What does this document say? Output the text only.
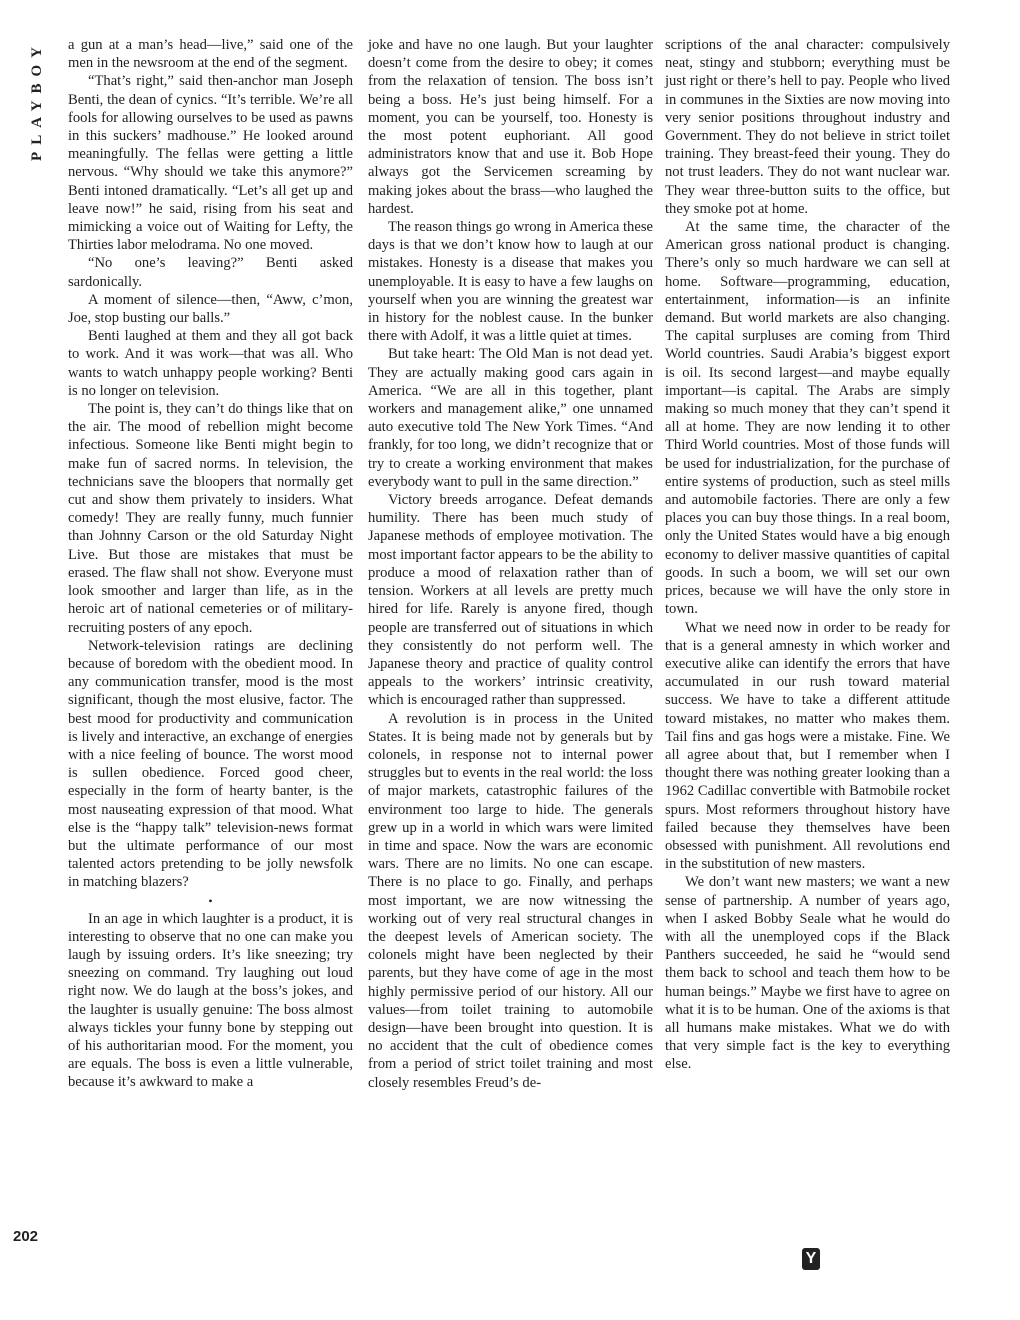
PLAYBOY
202

a gun at a man’s head—live,” said one of the men in the newsroom at the end of the segment.

“That’s right,” said then-anchor man Joseph Benti, the dean of cynics. “It’s terrible. We’re all fools for allowing ourselves to be used as pawns in this suckers’ madhouse.” He looked around meaningfully. The fellas were getting a little nervous. “Why should we take this anymore?” Benti intoned dramatically. “Let’s all get up and leave now!” he said, rising from his seat and mimicking a voice out of Waiting for Lefty, the Thirties labor melodrama. No one moved.

“No one’s leaving?” Benti asked sardonically.

A moment of silence—then, “Aww, c’mon, Joe, stop busting our balls.”

Benti laughed at them and they all got back to work. And it was work—that was all. Who wants to watch unhappy people working? Benti is no longer on television.

The point is, they can’t do things like that on the air. The mood of rebellion might become infectious. Someone like Benti might begin to make fun of sacred norms. In television, the technicians save the bloopers that normally get cut and show them privately to insiders. What comedy! They are really funny, much funnier than Johnny Carson or the old Saturday Night Live. But those are mistakes that must be erased. The flaw shall not show. Everyone must look smoother and larger than life, as in the heroic art of national cemeteries or of military-recruiting posters of any epoch.

Network-television ratings are declining because of boredom with the obedient mood. In any communication transfer, mood is the most significant, though the most elusive, factor. The best mood for productivity and communication is lively and interactive, an exchange of energies with a nice feeling of bounce. The worst mood is sullen obedience. Forced good cheer, especially in the form of hearty banter, is the most nauseating expression of that mood. What else is the “happy talk” television-news format but the ultimate performance of our most talented actors pretending to be jolly newsfolk in matching blazers?

•

In an age in which laughter is a product, it is interesting to observe that no one can make you laugh by issuing orders. It’s like sneezing; try sneezing on command. Try laughing out loud right now. We do laugh at the boss’s jokes, and the laughter is usually genuine: The boss almost always tickles your funny bone by stepping out of his authoritarian mood. For the moment, you are equals. The boss is even a little vulnerable, because it’s awkward to make a

joke and have no one laugh. But your laughter doesn’t come from the desire to obey; it comes from the relaxation of tension. The boss isn’t being a boss. He’s just being himself. For a moment, you can be yourself, too. Honesty is the most potent euphoriant. All good administrators know that and use it. Bob Hope always got the Servicemen screaming by making jokes about the brass—who laughed the hardest.

The reason things go wrong in America these days is that we don’t know how to laugh at our mistakes. Honesty is a disease that makes you unemployable. It is easy to have a few laughs on yourself when you are winning the greatest war in history for the noblest cause. In the bunker there with Adolf, it was a little quiet at times.

But take heart: The Old Man is not dead yet. They are actually making good cars again in America. “We are all in this together, plant workers and management alike,” one unnamed auto executive told The New York Times. “And frankly, for too long, we didn’t recognize that or try to create a working environment that makes everybody want to pull in the same direction.”

Victory breeds arrogance. Defeat demands humility. There has been much study of Japanese methods of employee motivation. The most important factor appears to be the ability to produce a mood of relaxation rather than of tension. Workers at all levels are pretty much hired for life. Rarely is anyone fired, though people are transferred out of situations in which they consistently do not perform well. The Japanese theory and practice of quality control appeals to the workers’ intrinsic creativity, which is encouraged rather than suppressed.

A revolution is in process in the United States. It is being made not by generals but by colonels, in response not to internal power struggles but to events in the real world: the loss of major markets, catastrophic failures of the environment too large to hide. The generals grew up in a world in which wars were limited in time and space. Now the wars are economic wars. There are no limits. No one can escape. There is no place to go. Finally, and perhaps most important, we are now witnessing the working out of very real structural changes in the deepest levels of American society. The colonels might have been neglected by their parents, but they have come of age in the most highly permissive period of our history. All our values—from toilet training to automobile design—have been brought into question. It is no accident that the cult of obedience comes from a period of strict toilet training and most closely resembles Freud’s de-

scriptions of the anal character: compulsively neat, stingy and stubborn; everything must be just right or there’s hell to pay. People who lived in communes in the Sixties are now moving into very senior positions throughout industry and Government. They do not believe in strict toilet training. They breast-feed their young. They do not trust leaders. They do not want nuclear war. They wear three-button suits to the office, but they smoke pot at home.

At the same time, the character of the American gross national product is changing. There’s only so much hardware we can sell at home. Software—programming, education, entertainment, information—is an infinite demand. But world markets are also changing. The capital surpluses are coming from Third World countries. Saudi Arabia’s biggest export is oil. Its second largest—and maybe equally important—is capital. The Arabs are simply making so much money that they can’t spend it all at home. They are now lending it to other Third World countries. Most of those funds will be used for industrialization, for the purchase of entire systems of production, such as steel mills and automobile factories. There are only a few places you can buy those things. In a real boom, only the United States would have a big enough economy to deliver massive quantities of capital goods. In such a boom, we will set our own prices, because we will have the only store in town.

What we need now in order to be ready for that is a general amnesty in which worker and executive alike can identify the errors that have accumulated in our rush toward material success. We have to take a different attitude toward mistakes, no matter who makes them. Tail fins and gas hogs were a mistake. Fine. We all agree about that, but I remember when I thought there was nothing greater looking than a 1962 Cadillac convertible with Batmobile rocket spurs. Most reformers throughout history have failed because they themselves have been obsessed with punishment. All revolutions end in the substitution of new masters.

We don’t want new masters; we want a new sense of partnership. A number of years ago, when I asked Bobby Seale what he would do with all the unemployed cops if the Black Panthers succeeded, he said he “would send them back to school and teach them how to be human beings.” Maybe we first have to agree on what it is to be human. One of the axioms is that all humans make mistakes. What we do with that very simple fact is the key to everything else.

Y
